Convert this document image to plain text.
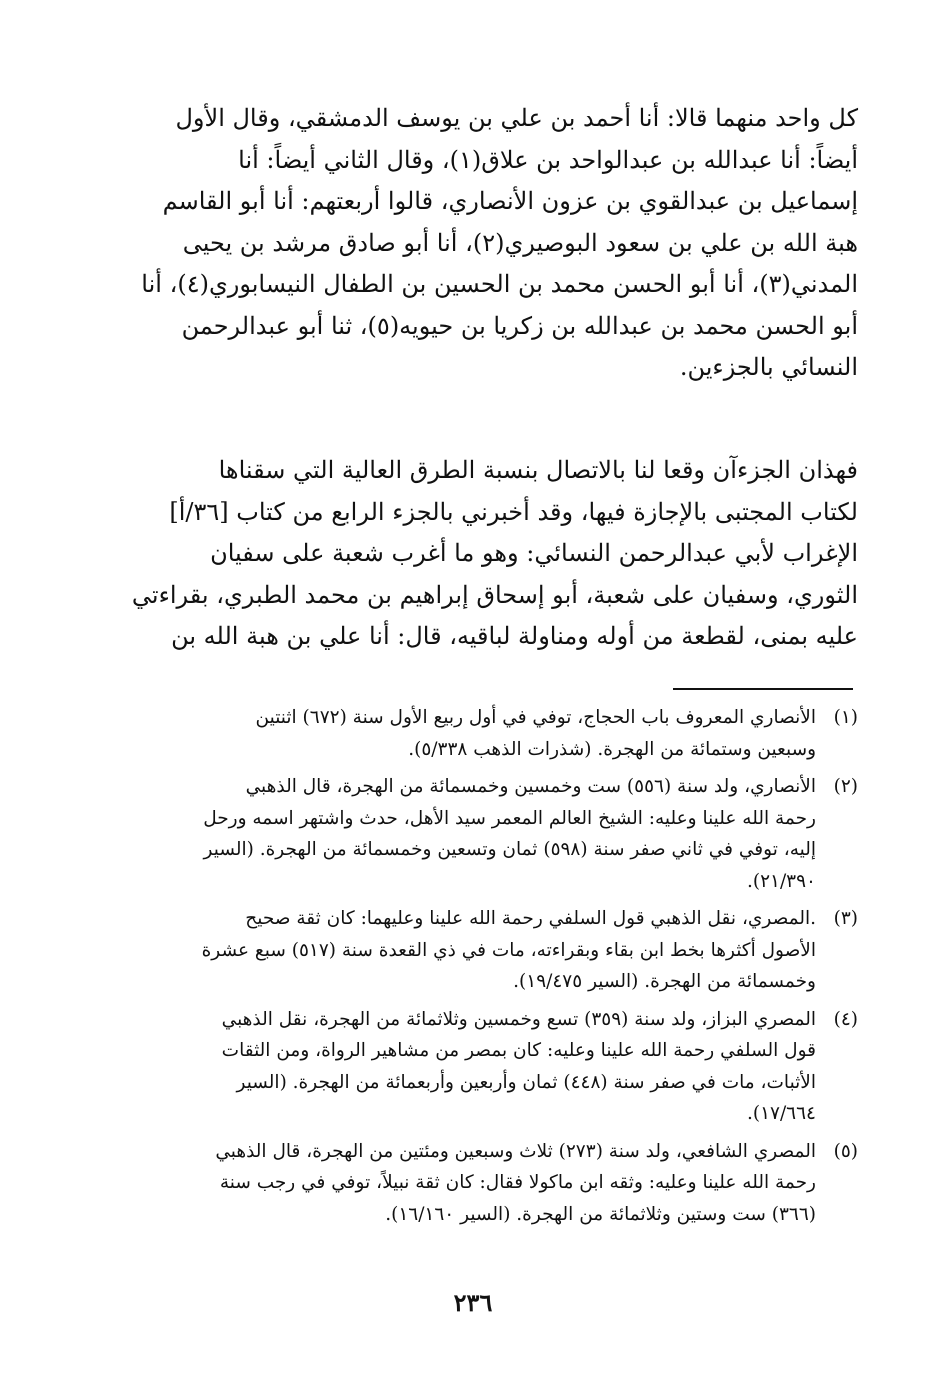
كل واحد منهما قالا: أنا أحمد بن علي بن يوسف الدمشقي، وقال الأول
أيضاً: أنا عبدالله بن عبدالواحد بن علاق(١)، وقال الثاني أيضاً: أنا
إسماعيل بن عبدالقوي بن عزون الأنصاري، قالوا أربعتهم: أنا أبو القاسم
هبة الله بن علي بن سعود البوصيري(٢)، أنا أبو صادق مرشد بن يحيى
المدني(٣)، أنا أبو الحسن محمد بن الحسين بن الطفال النيسابوري(٤)، أنا
أبو الحسن محمد بن عبدالله بن زكريا بن حيويه(٥)، ثنا أبو عبدالرحمن
النسائي بالجزءين.
فهذان الجزءآن وقعا لنا بالاتصال بنسبة الطرق العالية التي سقناها
لكتاب المجتبى بالإجازة فيها، وقد أخبرني بالجزء الرابع من كتاب [٣٦/أ]
الإغراب لأبي عبدالرحمن النسائي: وهو ما أغرب شعبة على سفيان
الثوري، وسفيان على شعبة، أبو إسحاق إبراهيم بن محمد الطبري، بقراءتي
عليه بمنى، لقطعة من أوله ومناولة لباقيه، قال: أنا علي بن هبة الله بن
(١)
الأنصاري المعروف باب الحجاج، توفي في أول ربيع الأول سنة (٦٧٢) اثنتين
وسبعين وستمائة من الهجرة. (شذرات الذهب ٥/٣٣٨).
(٢)
الأنصاري، ولد سنة (٥٥٦) ست وخمسين وخمسمائة من الهجرة، قال الذهبي
رحمة الله علينا وعليه: الشيخ العالم المعمر سيد الأهل، حدث واشتهر اسمه ورحل
إليه، توفي في ثاني صفر سنة (٥٩٨) ثمان وتسعين وخمسمائة من الهجرة. (السير
٢١/٣٩٠).
(٣)
.المصري، نقل الذهبي قول السلفي رحمة الله علينا وعليهما: كان ثقة صحيح
الأصول أكثرها بخط ابن بقاء وبقراءته، مات في ذي القعدة سنة (٥١٧) سبع عشرة
وخمسمائة من الهجرة. (السير ١٩/٤٧٥).
(٤)
المصري البزاز، ولد سنة (٣٥٩) تسع وخمسين وثلاثمائة من الهجرة، نقل الذهبي
قول السلفي رحمة الله علينا وعليه: كان بمصر من مشاهير الرواة، ومن الثقات
الأثبات، مات في صفر سنة (٤٤٨) ثمان وأربعين وأربعمائة من الهجرة. (السير
١٧/٦٦٤).
(٥)
المصري الشافعي، ولد سنة (٢٧٣) ثلاث وسبعين ومئتين من الهجرة، قال الذهبي
رحمة الله علينا وعليه: وثقه ابن ماكولا فقال: كان ثقة نبيلاً، توفي في رجب سنة
(٣٦٦) ست وستين وثلاثمائة من الهجرة. (السير ١٦/١٦٠).
٢٣٦
